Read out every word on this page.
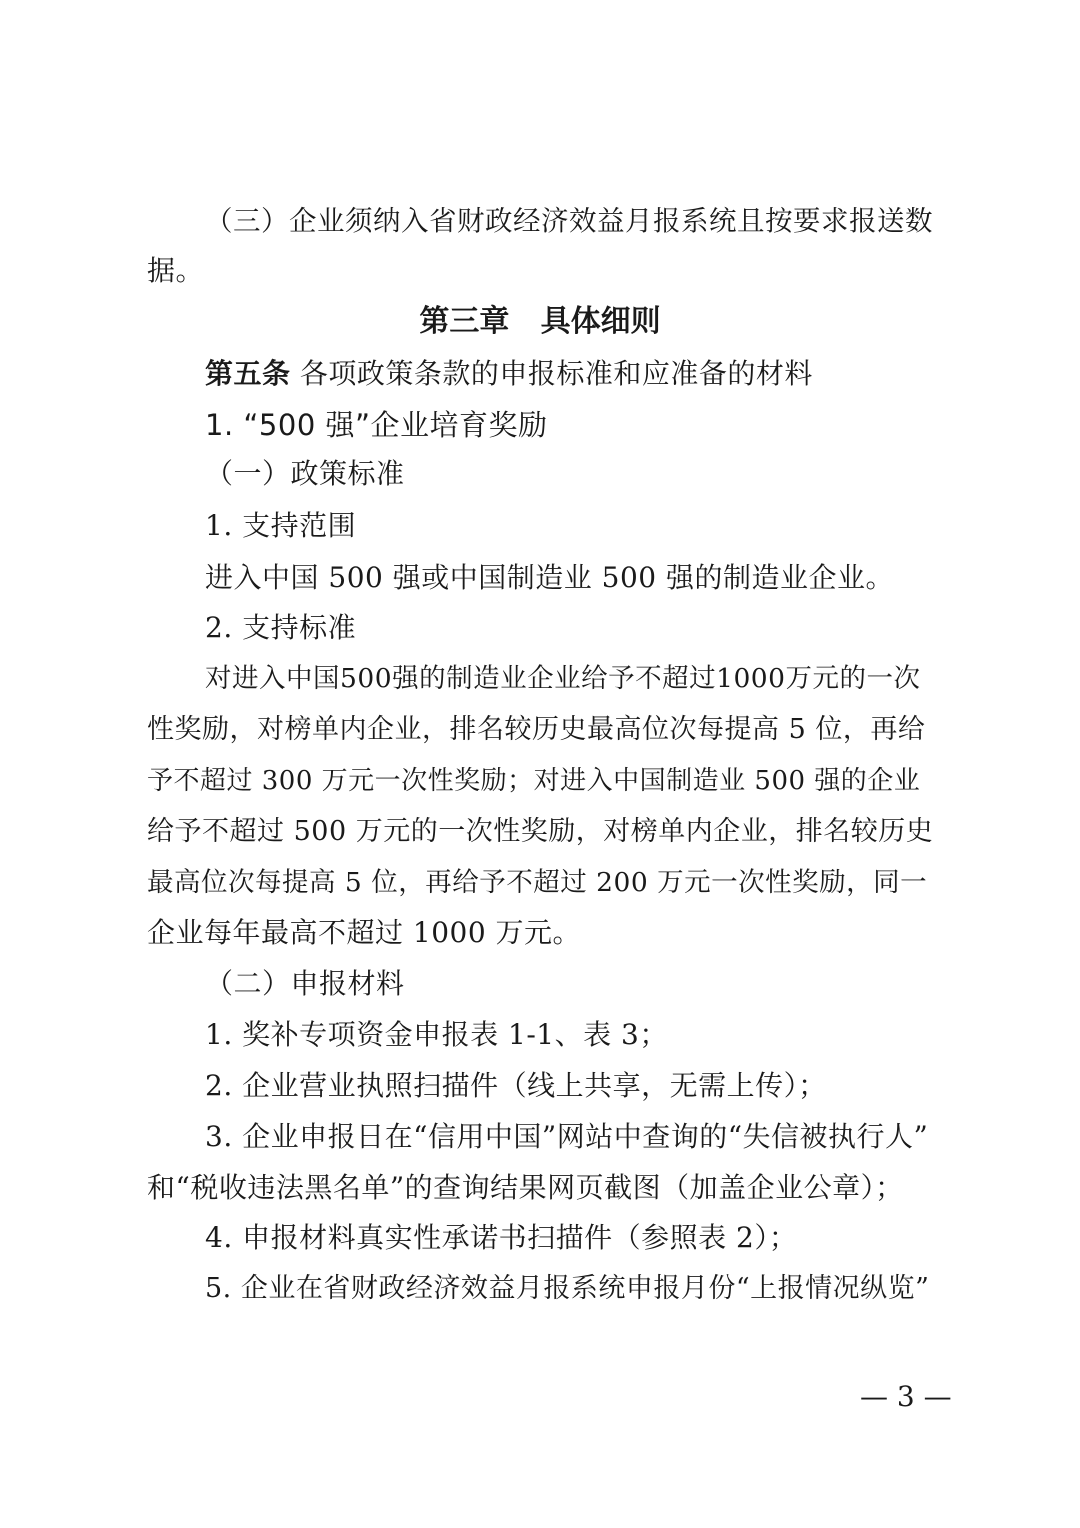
（三）企业须纳入省财政经济效益月报系统且按要求报送数
据。
第三章   具体细则
第五条 各项政策条款的申报标准和应准备的材料
1. “500 强”企业培育奖励
（一）政策标准
1. 支持范围
进入中国 500 强或中国制造业 500 强的制造业企业。
2. 支持标准
对进入中国500强的制造业企业给予不超过1000万元的一次
性奖励，对榜单内企业，排名较历史最高位次每提高 5 位，再给
予不超过 300 万元一次性奖励；对进入中国制造业 500 强的企业
给予不超过 500 万元的一次性奖励，对榜单内企业，排名较历史
最高位次每提高 5 位，再给予不超过 200 万元一次性奖励，同一
企业每年最高不超过 1000 万元。
（二）申报材料
1. 奖补专项资金申报表 1-1、表 3；
2. 企业营业执照扫描件（线上共享，无需上传）；
3. 企业申报日在“信用中国”网站中查询的“失信被执行人”
和“税收违法黑名单”的查询结果网页截图（加盖企业公章）；
4. 申报材料真实性承诺书扫描件（参照表 2）；
5. 企业在省财政经济效益月报系统申报月份“上报情况纵览”
— 3 —
